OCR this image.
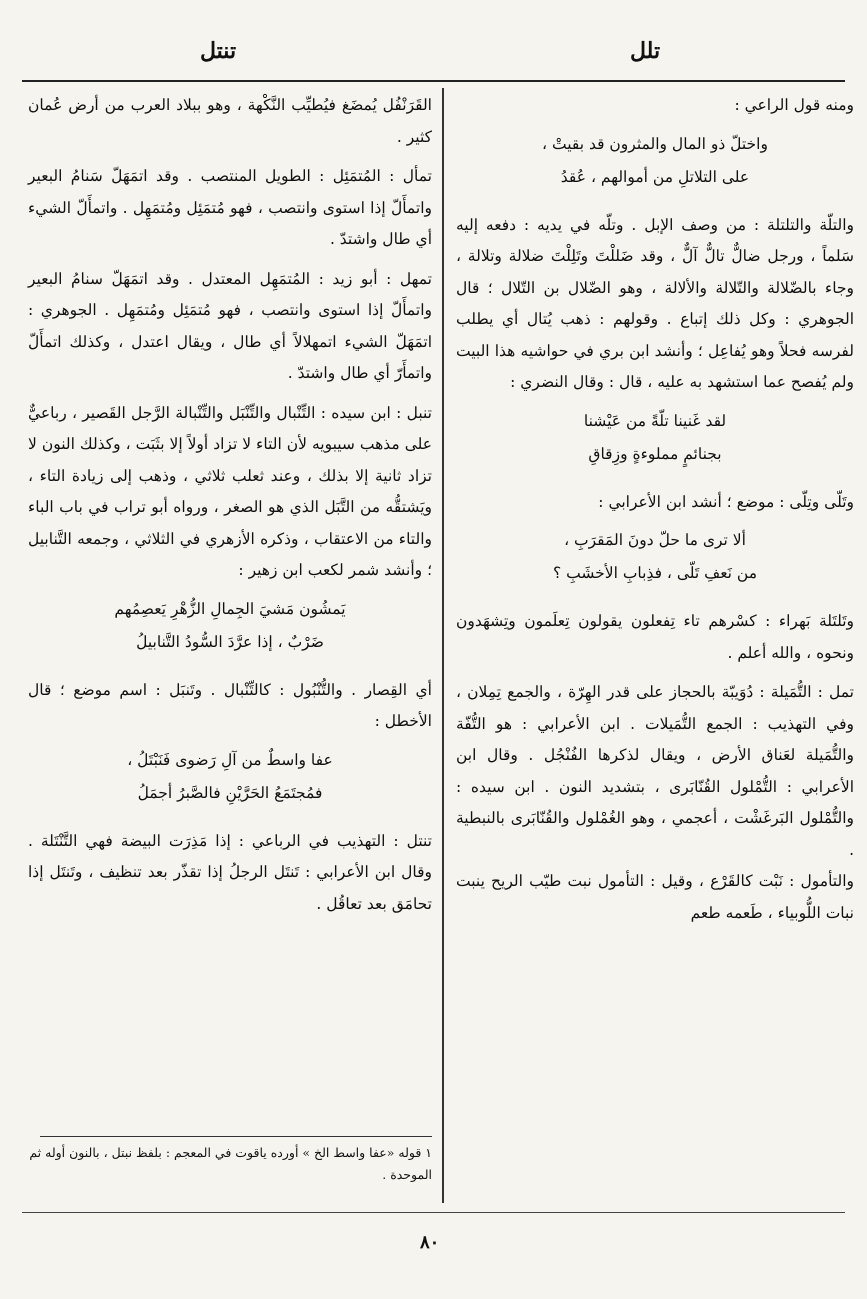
تلل
تنتل

ومنه قول الراعي :

واختلّ ذو المال والمثرون قد بقيتْ ،

على التلاتلِ من أموالهم ، عُقدُ

والتلّة والتلتلة : من وصف الإبل . وتلّه في يديه : دفعه إليه سَلماً ، ورجل ضالٌّ تالٌّ آلٌّ ، وقد ضَللْتَ وتَلِلْتَ ضلالة وتلالة ، وجاء بالضّلالة والتّلالة والألالة ، وهو الضّلال بن التّلال ؛ قال الجوهري : وكل ذلك إتباع . وقولهم : ذهب يُتال أي يطلب لفرسه فحلاً وهو يُفاعِل ؛ وأنشد ابن بري في حواشيه هذا البيت ولم يُفصح عما استشهد به عليه ، قال : وقال النضري :

لقد غَنينا تلّةً من عَيْشنا

بجنائمٍ مملوءةٍ وزِقاقِ

وتَلّى وتِلّى : موضع ؛ أنشد ابن الأعرابي :

ألا ترى ما حلّ دونَ المَقرَبِ ،

من نَعفِ تَلّى ، فذِبابِ الأخشَبِ ؟

وتَلتَلة بَهراء : كسْرهم تاء تِفعلون يقولون تِعلَمون وتِشهَدون ونحوه ، والله أعلم .

تمل : التُّمَيلة : دُوَيبّة بالحجاز على قدر الهِرّة ، والجمع تِمِلان ، وفي التهذيب : الجمع التُّمَيلات . ابن الأعرابي : هو التُّفّة والتُّمَيلة لعَناق الأرض ، ويقال لذكرها الفُنْجُل . وقال ابن الأعرابي : التُّمْلول القُنّابَرى ، بتشديد النون . ابن سيده : والتُّمْلول البَرغَشْت ، أعجمي ، وهو الغُمْلول والقُنّابَرى بالنبطية .

والتأمول : نَبْت كالقَرْع ، وقيل : التأمول نبت طيّب الريح ينبت نبات اللُّوبياء ، طَعمه طعم

القَرَنْفُل يُمضَغ فيُطيِّب النَّكْهة ، وهو ببلاد العرب من أرض عُمان كثير .

تمأل : المُتمَئِل : الطويل المنتصب . وقد اتمَهَلّ سَنامُ البعير واتمأَلّ إذا استوى وانتصب ، فهو مُتمَئِل ومُتمَهِل . واتمأَلّ الشيء أي طال واشتدّ .

تمهل : أبو زيد : المُتمَهِل المعتدل . وقد اتمَهَلّ سنامُ البعير واتمأَلّ إذا استوى وانتصب ، فهو مُتمَئِل ومُتمَهِل . الجوهري : اتمَهَلّ الشيء اتمهلالاً أي طال ، ويقال اعتدل ، وكذلك اتمأَلّ واتمأَرّ أي طال واشتدّ .

تنبل : ابن سيده : التِّنْبال والتِّنْبَل والتِّنْبالة الرَّجل القَصير ، رباعيٌّ على مذهب سيبويه لأن التاء لا تزاد أولاً إلا بثَبَت ، وكذلك النون لا تزاد ثانية إلا بذلك ، وعند ثعلب ثلاثي ، وذهب إلى زيادة التاء ، ويَشتقُّه من التَّبَل الذي هو الصغر ، ورواه أبو تراب في باب الباء والتاء من الاعتقاب ، وذكره الأزهري في الثلاثي ، وجمعه التَّنابيل ؛ وأنشد شمر لكعب ابن زهير :

يَمشُون مَشيَ الجِمالِ الزُّهْرِ يَعصِمُهم

ضَرْبٌ ، إذا عرَّدَ السُّودُ التَّنابيلُ

أي القِصار . والتُّنْبُول : كالتِّنْبال . وتَنبَل : اسم موضع ؛ قال الأخطل :

عفا واسطٌ من آلِ رَضوى فَنَبْتَلُ ،

فمُجتَمَعُ الحَرَّيْنِ فالصَّبرُ أجمَلُ

تنتل : التهذيب في الرباعي : إذا مَذِرَت البيضة فهي التَّنْتَلة . وقال ابن الأعرابي : تَنتَل الرجلُ إذا تقذّر بعد تنظيف ، وتَنتَل إذا تحامَق بعد تعاقُل .

١ قوله «عفا واسط الخ » أورده ياقوت في المعجم : بلفظ نبتل ، بالنون أوله ثم الموحدة .
٨٠
